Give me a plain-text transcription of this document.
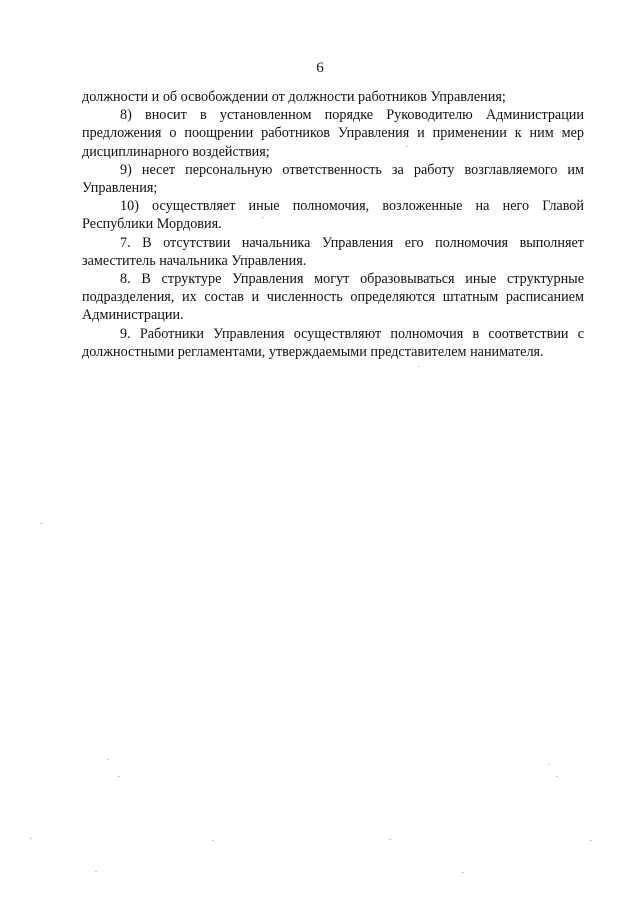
6

должности и об освобождении от должности работников Управления;

8) вносит в установленном порядке Руководителю Администрации предложения о поощрении работников Управления и применении к ним мер дисциплинарного воздействия;

9) несет персональную ответственность за работу возглавляемого им Управления;

10) осуществляет иные полномочия, возложенные на него Главой Республики Мордовия.

7. В отсутствии начальника Управления его полномочия выполняет заместитель начальника Управления.

8. В структуре Управления могут образовываться иные структурные подразделения, их состав и численность определяются штатным расписанием Администрации.

9. Работники Управления осуществляют полномочия в соответствии с должностными регламентами, утверждаемыми представителем нанимателя.
